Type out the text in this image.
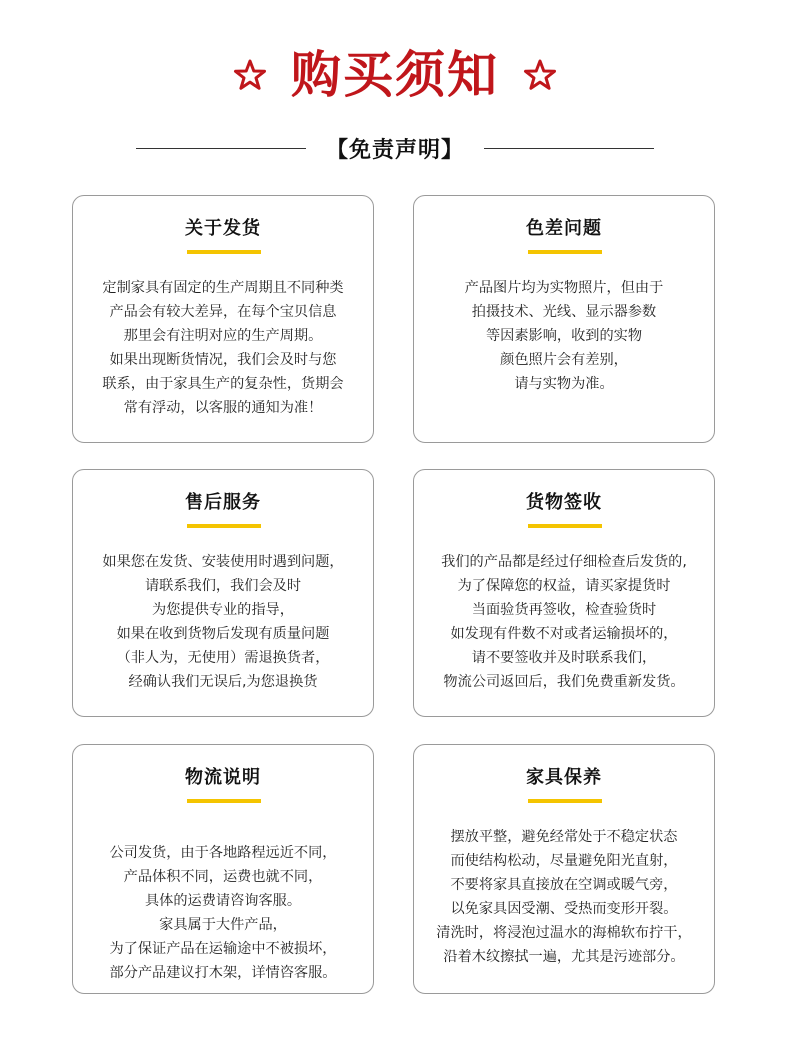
购买须知
【免责声明】
关于发货
定制家具有固定的生产周期且不同种类
产品会有较大差异，在每个宝贝信息
那里会有注明对应的生产周期。
如果出现断货情况，我们会及时与您
联系，由于家具生产的复杂性，货期会
常有浮动，以客服的通知为准！
色差问题
产品图片均为实物照片，但由于
拍摄技术、光线、显示器参数
等因素影响，收到的实物
颜色照片会有差别，
请与实物为准。
售后服务
如果您在发货、安装使用时遇到问题，
请联系我们，我们会及时
为您提供专业的指导，
如果在收到货物后发现有质量问题
（非人为，无使用）需退换货者，
经确认我们无误后,为您退换货
货物签收
我们的产品都是经过仔细检查后发货的,
为了保障您的权益，请买家提货时
当面验货再签收，检查验货时
如发现有件数不对或者运输损坏的，
请不要签收并及时联系我们，
物流公司返回后，我们免费重新发货。
物流说明
公司发货，由于各地路程远近不同，
产品体积不同，运费也就不同，
具体的运费请咨询客服。
家具属于大件产品，
为了保证产品在运输途中不被损坏，
部分产品建议打木架，详情咨客服。
家具保养
摆放平整，避免经常处于不稳定状态
而使结构松动，尽量避免阳光直射，
不要将家具直接放在空调或暖气旁，
以免家具因受潮、受热而变形开裂。
清洗时，将浸泡过温水的海棉软布拧干，
沿着木纹擦拭一遍，尤其是污迹部分。
